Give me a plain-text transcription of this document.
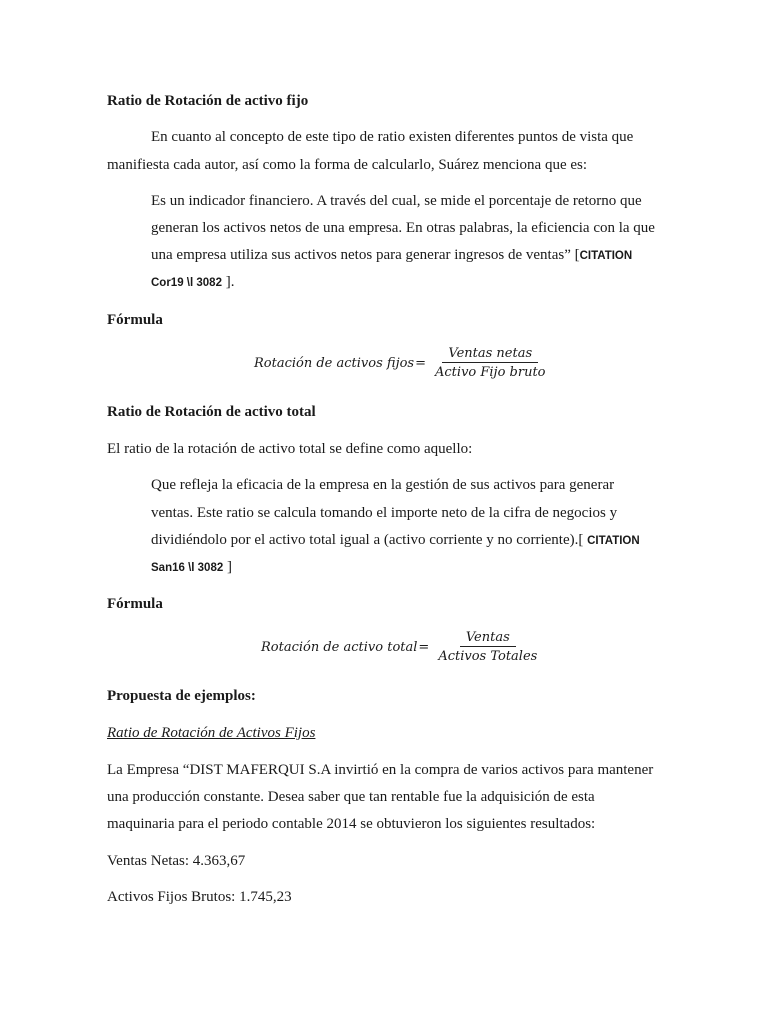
Ratio de Rotación de activo fijo
En cuanto al concepto de este tipo de ratio existen diferentes puntos de vista que
manifiesta cada autor, así como la forma de calcularlo, Suárez menciona que es:
Es un indicador financiero. A través del cual, se mide el porcentaje de retorno que
generan los activos netos de una empresa. En otras palabras, la eficiencia con la que
una empresa utiliza sus activos netos para generar ingresos de ventas” [CITATION
Cor19 \l 3082 ].
Fórmula
Rotación de activos fijos = $\frac{\text{Ventas netas}}{\text{Activo Fijo bruto}}$
Ratio de Rotación de activo total
El ratio de la rotación de activo total se define como aquello:
Que refleja la eficacia de la empresa en la gestión de sus activos para generar
ventas. Este ratio se calcula tomando el importe neto de la cifra de negocios y
dividiéndolo por el activo total igual a (activo corriente y no corriente).[ CITATION
San16 \l 3082 ]
Fórmula
Rotación de activo total = $\frac{\text{Ventas}}{\text{Activos Totales}}$
Propuesta de ejemplos:
Ratio de Rotación de Activos Fijos
La Empresa “DIST MAFERQUI S.A invirtió en la compra de varios activos para mantener
una producción constante. Desea saber que tan rentable fue la adquisición de esta
maquinaria para el periodo contable 2014 se obtuvieron los siguientes resultados:
Ventas Netas: 4.363,67
Activos Fijos Brutos: 1.745,23
